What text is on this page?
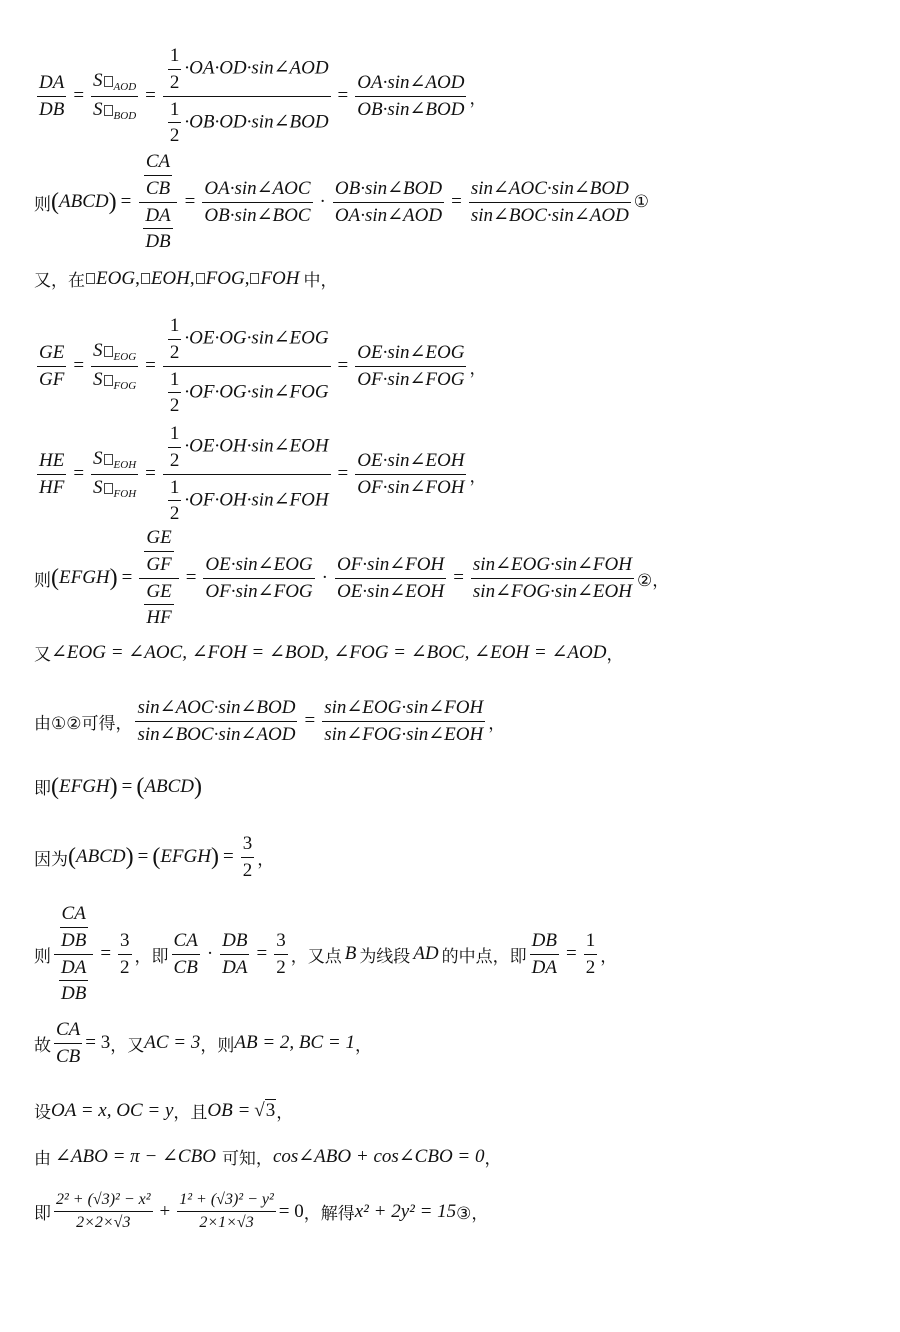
$\frac{DA}{DB}$ =
S $_{AOD}$
S $_{BOD}$
=
$\frac{1}{2}$ ·OA·OD·sin∠AOD
$\frac{1}{2}$ ·OB·OD·sin∠BOD
=
OA·sin∠AOD
OB·sin∠BOD ，
则 ( ABCD ) =
$\frac{CA}{CB}$
$\frac{DA}{DB}$
=
OA·sin∠AOC
OB·sin∠BOC
·
OB·sin∠BOD
OA·sin∠AOD
=
sin∠AOC·sin∠BOD
sin∠BOC·sin∠AOD
①
又，在 EOG , EOH , FOG , FOH 中，
$\frac{GE}{GF}$ =
S $_{EOG}$
S $_{FOG}$
=
$\frac{1}{2}$ ·OE·OG·sin∠EOG
$\frac{1}{2}$ ·OF·OG·sin∠FOG
=
OE·sin∠EOG
OF·sin∠FOG ，
$\frac{HE}{HF}$ =
S $_{EOH}$
S $_{FOH}$
=
$\frac{1}{2}$ ·OE·OH·sin∠EOH
$\frac{1}{2}$ ·OF·OH·sin∠FOH
=
OE·sin∠EOH
OF·sin∠FOH ，
则 ( EFGH ) =
$\frac{GE}{GF}$
$\frac{GE}{HF}$
=
OE·sin∠EOG
OF·sin∠FOG
·
OF·sin∠FOH
OE·sin∠EOH
=
sin∠EOG·sin∠FOH
sin∠FOG·sin∠EOH ②，
又 ∠EOG = ∠AOC, ∠FOH = ∠BOD, ∠FOG = ∠BOC, ∠EOH = ∠AOD ，
由①②可得，
sin∠AOC·sin∠BOD
sin∠BOC·sin∠AOD
=
sin∠EOG·sin∠FOH
sin∠FOG·sin∠EOH ，
即 ( EFGH ) = ( ABCD )
因为 ( ABCD ) = ( EFGH ) = $\frac{3}{2}$ ，
则
$\frac{CA}{DB}$
$\frac{DA}{DB}$
= $\frac{3}{2}$ ，即
CA
CB
· $\frac{DB}{DA} = \frac{3}{2}$ ，又点 B 为线段 AD 的中点，即 $\frac{DB}{DA} = \frac{1}{2}$ ，
故 $\frac{CA}{CB} = 3$ ，又 AC = 3 ，则 AB = 2, BC = 1 ，
设 OA = x, OC = y ，且 OB = √ 3 ，
由 ∠ABO = π − ∠CBO 可知， cos∠ABO + cos∠CBO = 0 ，
即
2² + (√3)² − x²
2×2×√3
+ $\frac{\text{1² + (√3)² − y²}}{2\times 1\times√3} = 0$ ，解得 x² + 2y² = 15 ③，
